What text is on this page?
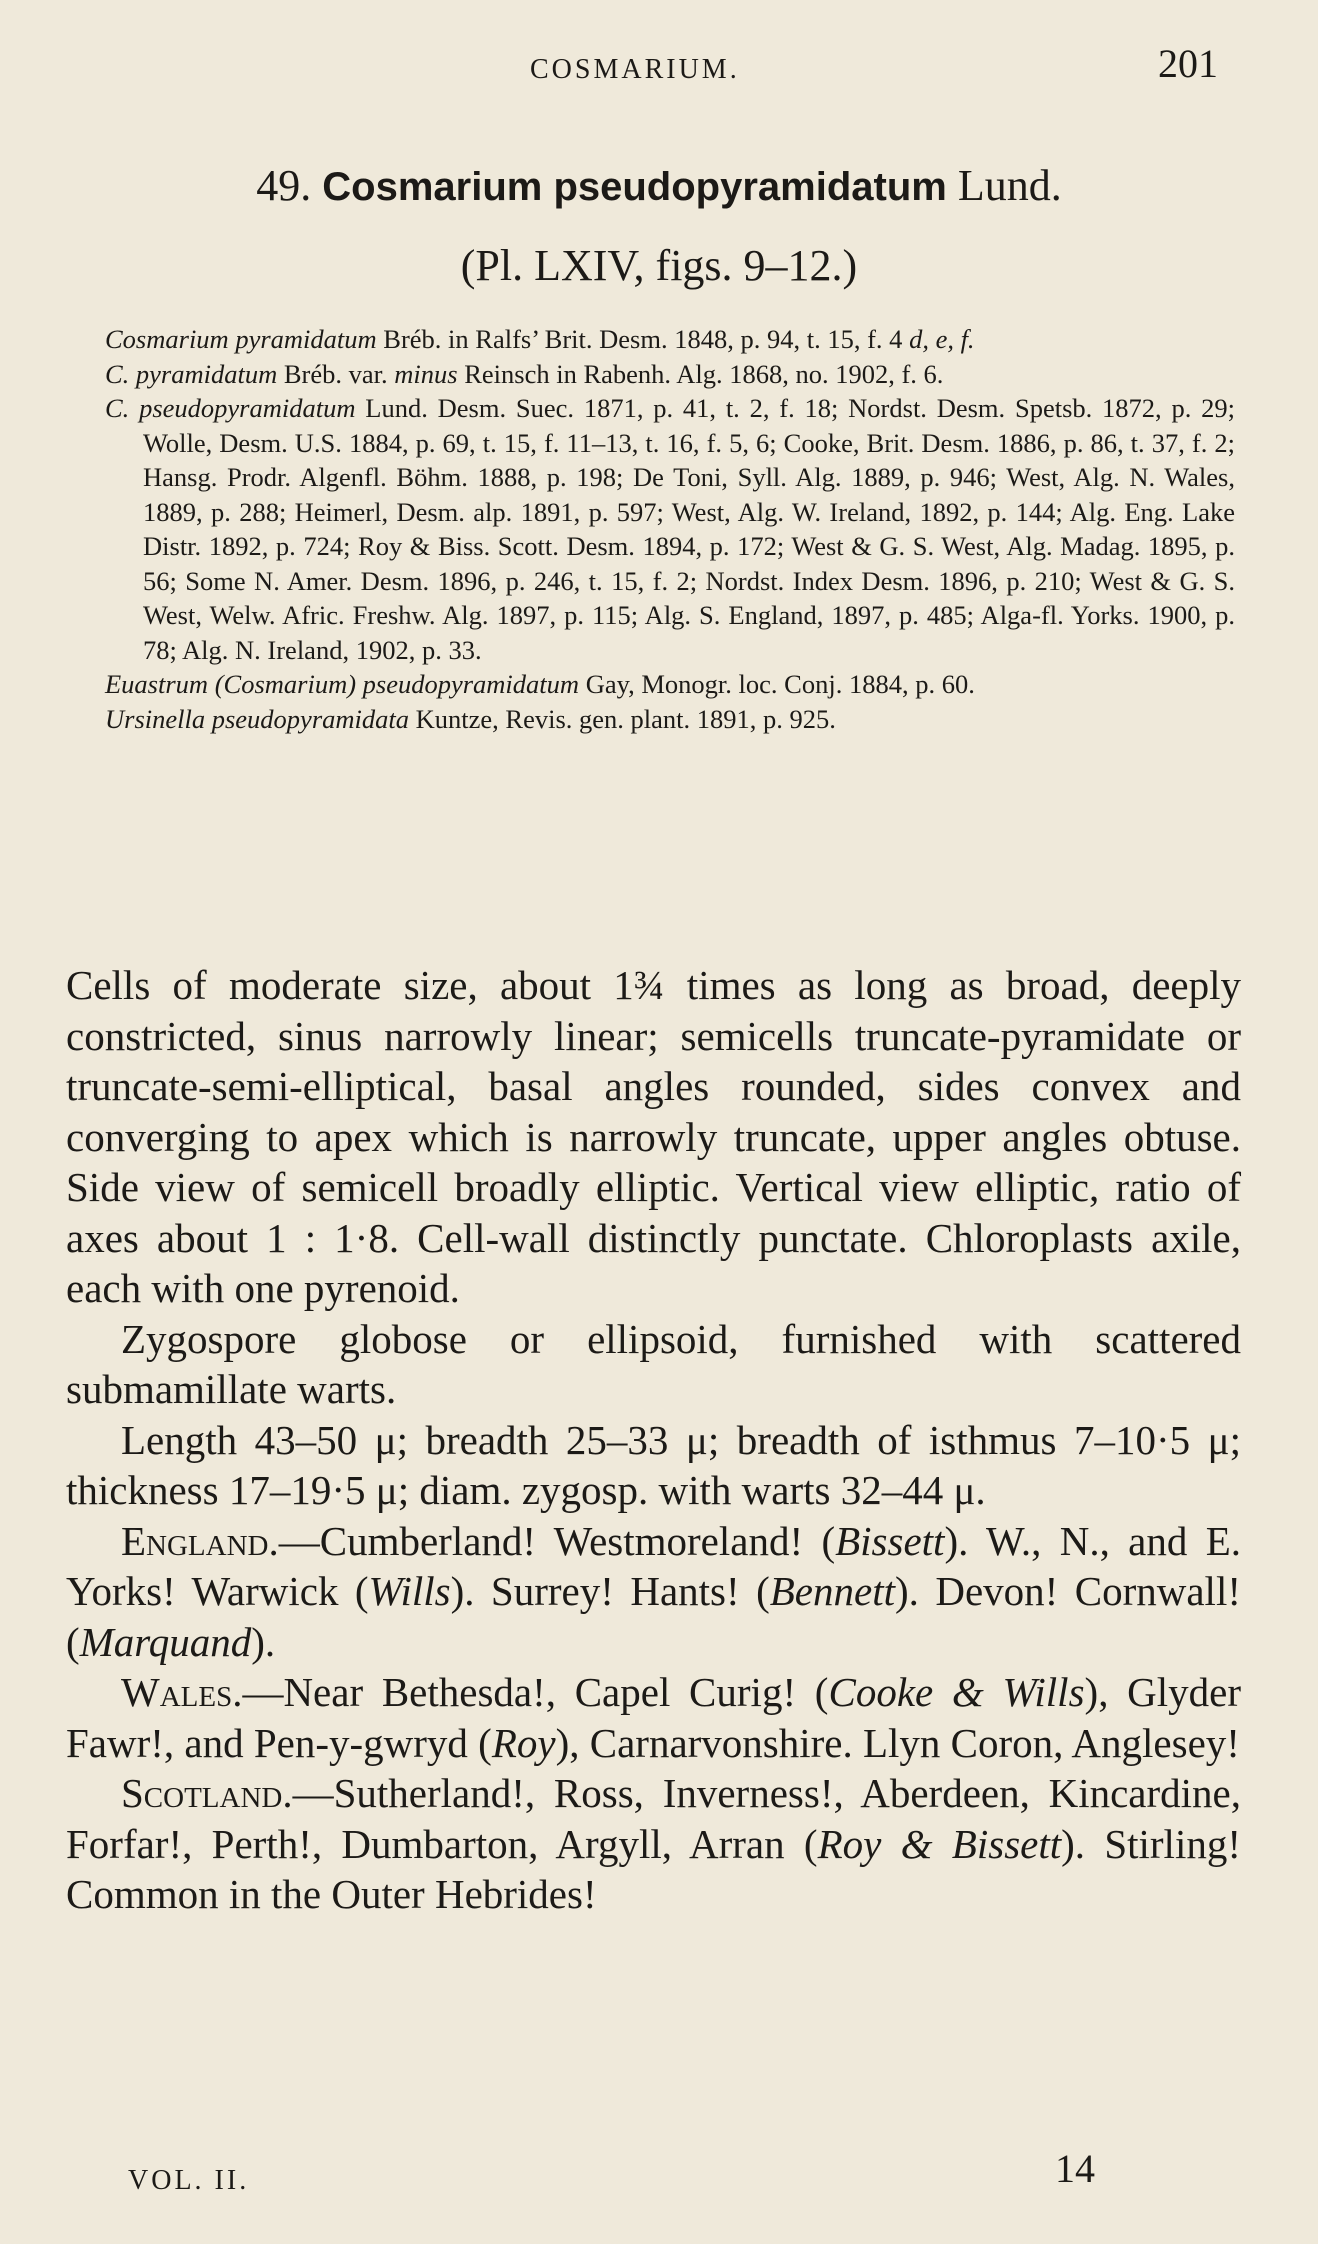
COSMARIUM.	201
49. Cosmarium pseudopyramidatum Lund.
(Pl. LXIV, figs. 9–12.)
Cosmarium pyramidatum Bréb. in Ralfs’ Brit. Desm. 1848, p. 94, t. 15, f. 4 d, e, f.
C. pyramidatum Bréb. var. minus Reinsch in Rabenh. Alg. 1868, no. 1902, f. 6.
C. pseudopyramidatum Lund. Desm. Suec. 1871, p. 41, t. 2, f. 18; Nordst. Desm. Spetsb. 1872, p. 29; Wolle, Desm. U.S. 1884, p. 69, t. 15, f. 11–13, t. 16, f. 5, 6; Cooke, Brit. Desm. 1886, p. 86, t. 37, f. 2; Hansg. Prodr. Algenfl. Böhm. 1888, p. 198; De Toni, Syll. Alg. 1889, p. 946; West, Alg. N. Wales, 1889, p. 288; Heimerl, Desm. alp. 1891, p. 597; West, Alg. W. Ireland, 1892, p. 144; Alg. Eng. Lake Distr. 1892, p. 724; Roy & Biss. Scott. Desm. 1894, p. 172; West & G. S. West, Alg. Madag. 1895, p. 56; Some N. Amer. Desm. 1896, p. 246, t. 15, f. 2; Nordst. Index Desm. 1896, p. 210; West & G. S. West, Welw. Afric. Freshw. Alg. 1897, p. 115; Alg. S. England, 1897, p. 485; Alga-fl. Yorks. 1900, p. 78; Alg. N. Ireland, 1902, p. 33.
Euastrum (Cosmarium) pseudopyramidatum Gay, Monogr. loc. Conj. 1884, p. 60.
Ursinella pseudopyramidata Kuntze, Revis. gen. plant. 1891, p. 925.

Cells of moderate size, about 1¾ times as long as broad, deeply constricted, sinus narrowly linear; semicells truncate-pyramidate or truncate-semi-elliptical, basal angles rounded, sides convex and converging to apex which is narrowly truncate, upper angles obtuse. Side view of semicell broadly elliptic. Vertical view elliptic, ratio of axes about 1 : 1·8. Cell-wall distinctly punctate. Chloroplasts axile, each with one pyrenoid.

Zygospore globose or ellipsoid, furnished with scattered submamillate warts.

Length 43–50 μ; breadth 25–33 μ; breadth of isthmus 7–10·5 μ; thickness 17–19·5 μ; diam. zygosp. with warts 32–44 μ.

England.—Cumberland! Westmoreland! (Bissett). W., N., and E. Yorks! Warwick (Wills). Surrey! Hants! (Bennett). Devon! Cornwall! (Marquand).

Wales.—Near Bethesda!, Capel Curig! (Cooke & Wills), Glyder Fawr!, and Pen-y-gwryd (Roy), Carnarvonshire. Llyn Coron, Anglesey!

Scotland.—Sutherland!, Ross, Inverness!, Aberdeen, Kincardine, Forfar!, Perth!, Dumbarton, Argyll, Arran (Roy & Bissett). Stirling! Common in the Outer Hebrides!

VOL. II.	14
